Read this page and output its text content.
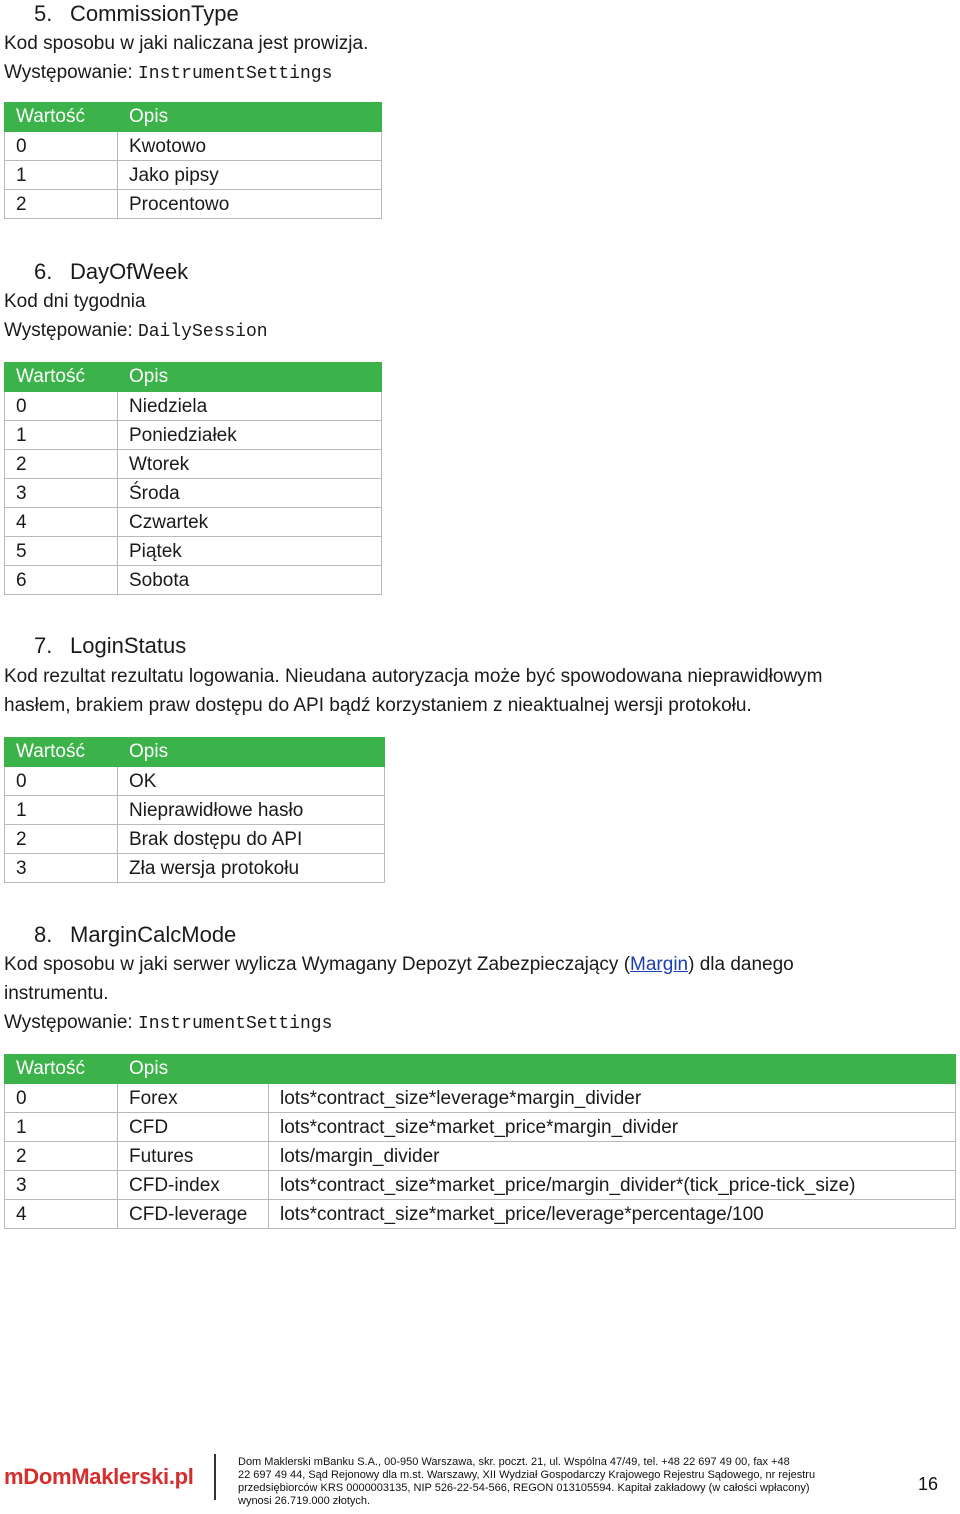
5. CommissionType
Kod sposobu w jaki naliczana jest prowizja.
Występowanie: InstrumentSettings
Wartość	Opis
0	Kwotowo
1	Jako pipsy
2	Procentowo
6. DayOfWeek
Kod dni tygodnia
Występowanie: DailySession
Wartość	Opis
0	Niedziela
1	Poniedziałek
2	Wtorek
3	Środa
4	Czwartek
5	Piątek
6	Sobota
7. LoginStatus
Kod rezultat rezultatu logowania. Nieudana autoryzacja może być spowodowana nieprawidłowym
hasłem, brakiem praw dostępu do API bądź korzystaniem z nieaktualnej wersji protokołu.
Wartość	Opis
0	OK
1	Nieprawidłowe hasło
2	Brak dostępu do API
3	Zła wersja protokołu
8. MarginCalcMode
Kod sposobu w jaki serwer wylicza Wymagany Depozyt Zabezpieczający (Margin) dla danego
instrumentu.
Występowanie: InstrumentSettings
Wartość	Opis	
0	Forex	lots*contract_size*leverage*margin_divider
1	CFD	lots*contract_size*market_price*margin_divider
2	Futures	lots/margin_divider
3	CFD-index	lots*contract_size*market_price/margin_divider*(tick_price-tick_size)
4	CFD-leverage	lots*contract_size*market_price/leverage*percentage/100
mDomMaklerski.pl
Dom Maklerski mBanku S.A., 00-950 Warszawa, skr. poczt. 21, ul. Wspólna 47/49, tel. +48 22 697 49 00, fax +48
22 697 49 44, Sąd Rejonowy dla m.st. Warszawy, XII Wydział Gospodarczy Krajowego Rejestru Sądowego, nr rejestru
przedsiębiorców KRS 0000003135, NIP 526-22-54-566, REGON 013105594. Kapitał zakładowy (w całości wpłacony)
wynosi 26.719.000 złotych.
16
